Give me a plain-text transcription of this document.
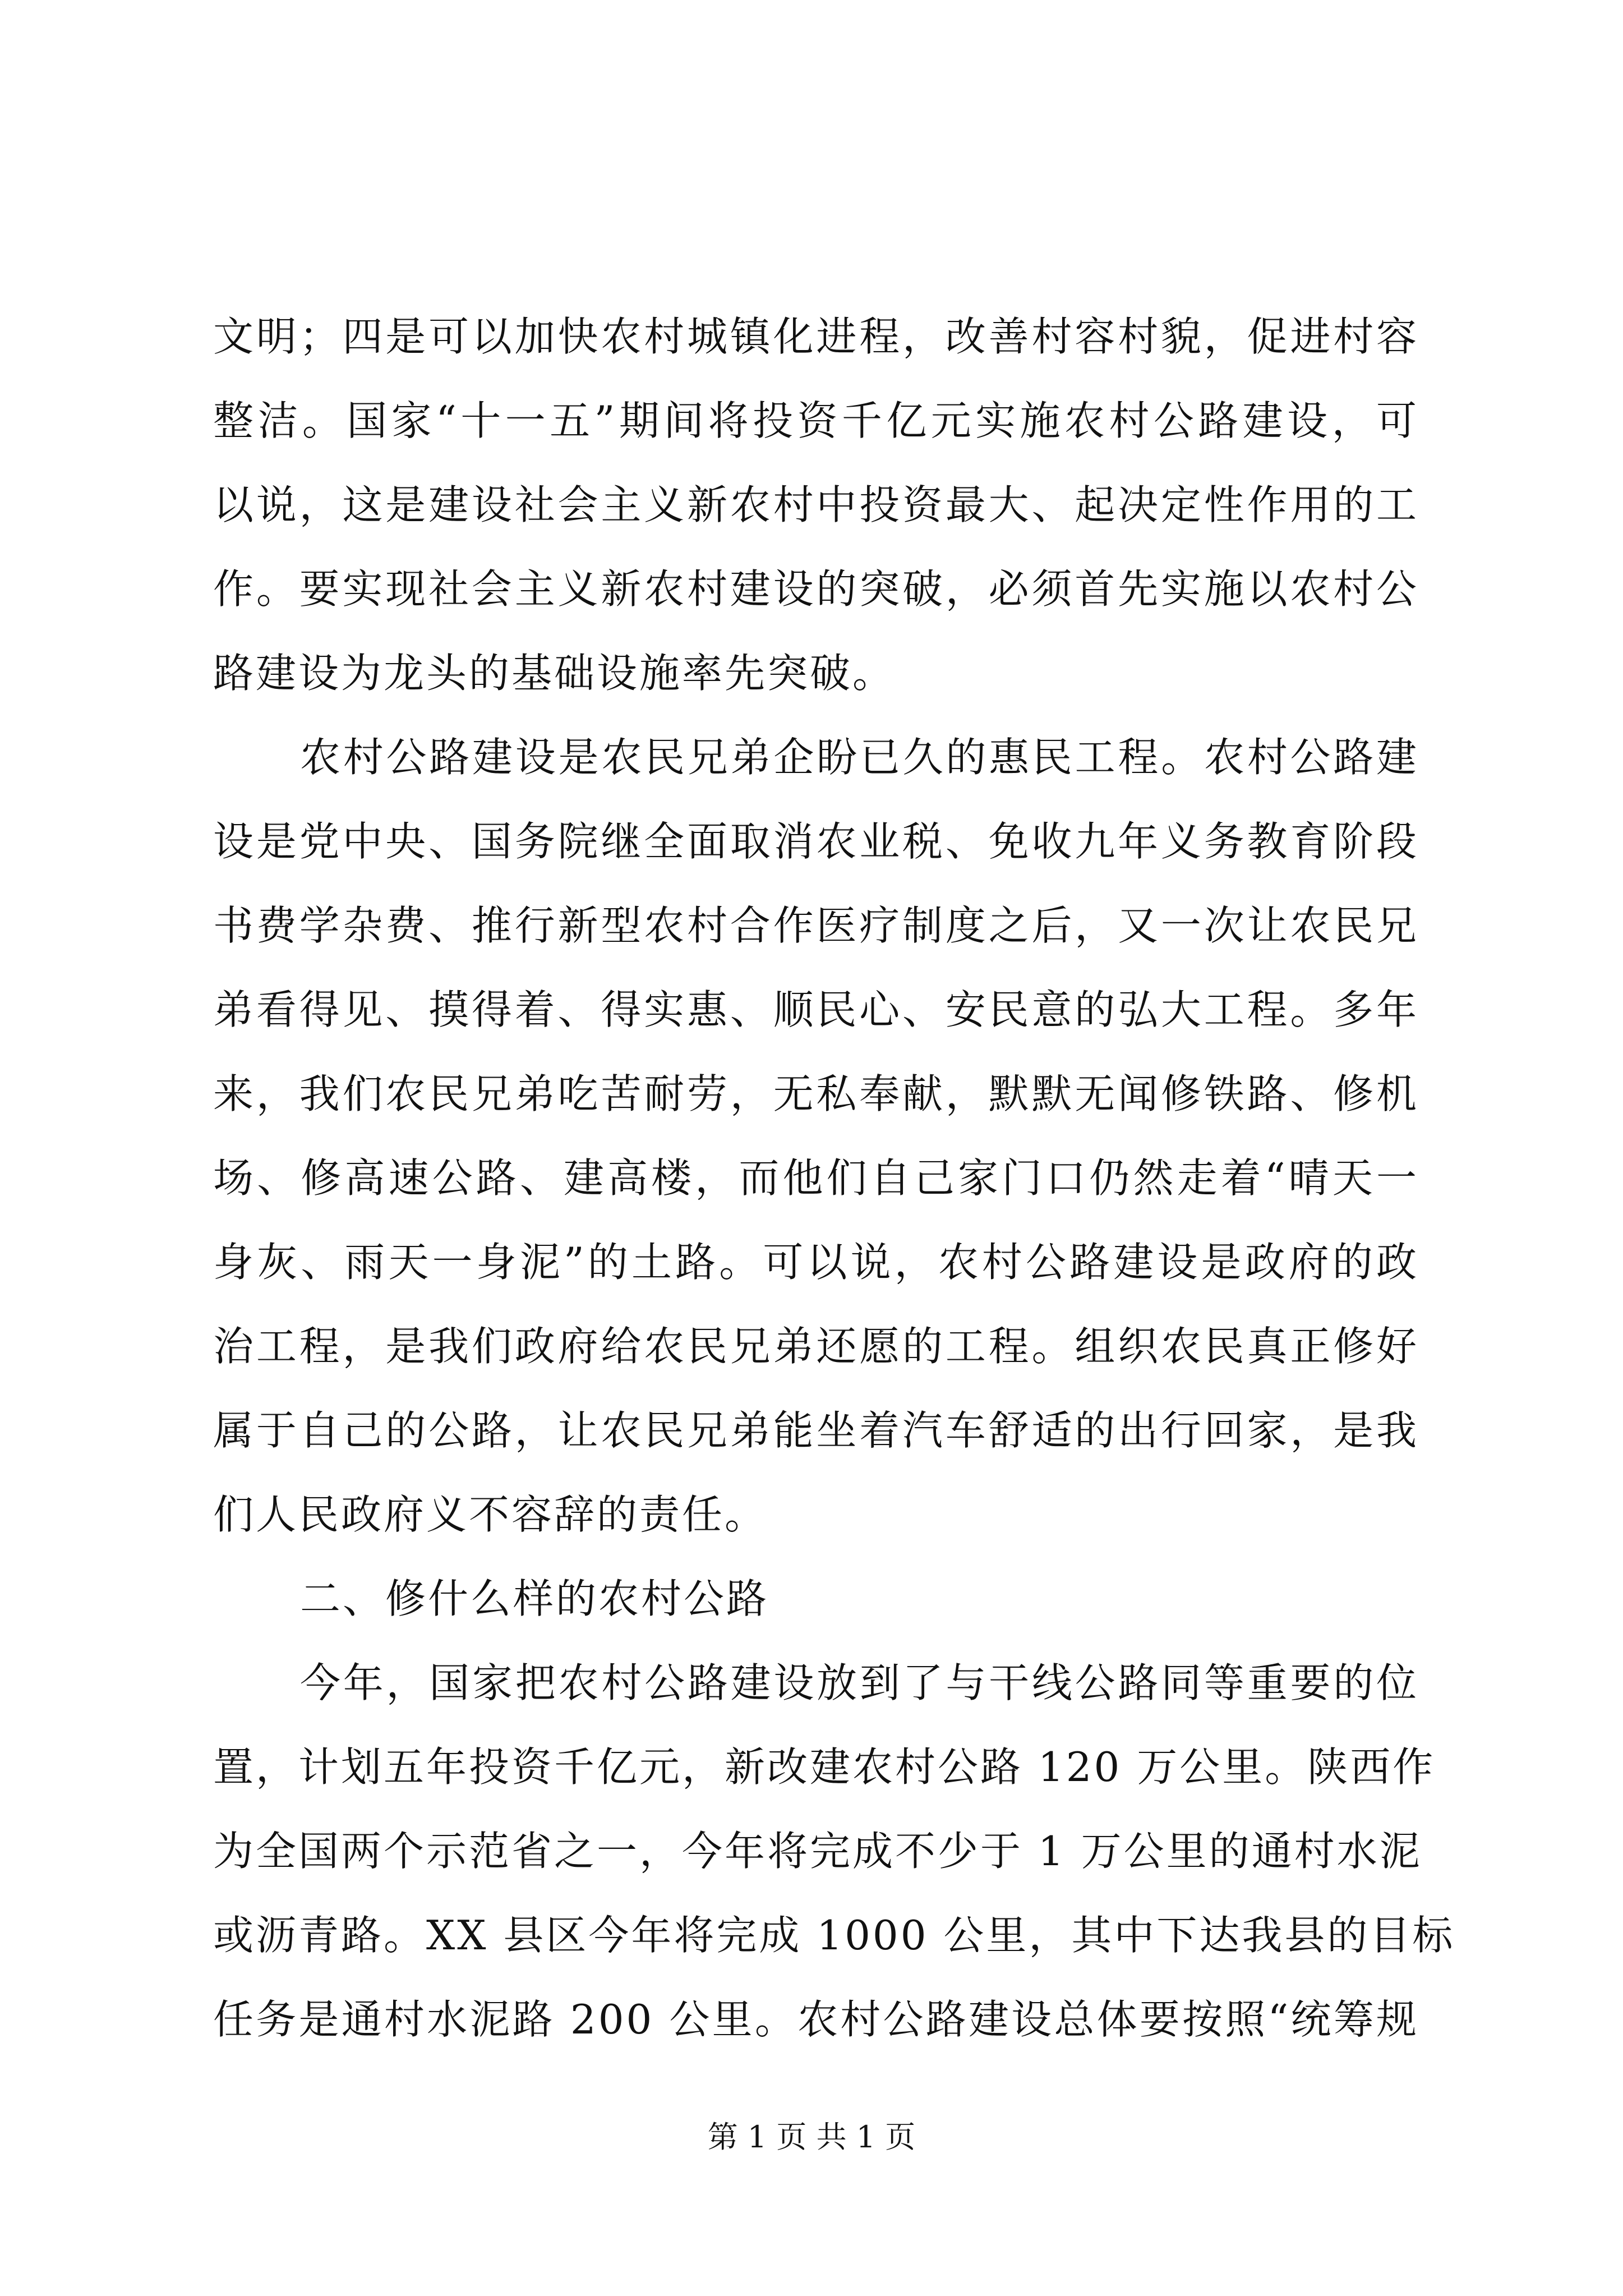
文明；四是可以加快农村城镇化进程，改善村容村貌，促进村容
整洁。国家“十一五”期间将投资千亿元实施农村公路建设，可
以说，这是建设社会主义新农村中投资最大、起决定性作用的工
作。要实现社会主义新农村建设的突破，必须首先实施以农村公
路建设为龙头的基础设施率先突破。
农村公路建设是农民兄弟企盼已久的惠民工程。农村公路建
设是党中央、国务院继全面取消农业税、免收九年义务教育阶段
书费学杂费、推行新型农村合作医疗制度之后，又一次让农民兄
弟看得见、摸得着、得实惠、顺民心、安民意的弘大工程。多年
来，我们农民兄弟吃苦耐劳，无私奉献，默默无闻修铁路、修机
场、修高速公路、建高楼，而他们自己家门口仍然走着“晴天一
身灰、雨天一身泥”的土路。可以说，农村公路建设是政府的政
治工程，是我们政府给农民兄弟还愿的工程。组织农民真正修好
属于自己的公路，让农民兄弟能坐着汽车舒适的出行回家，是我
们人民政府义不容辞的责任。
二、修什么样的农村公路
今年，国家把农村公路建设放到了与干线公路同等重要的位
置，计划五年投资千亿元，新改建农村公路 120 万公里。陕西作
为全国两个示范省之一，今年将完成不少于 1 万公里的通村水泥
或沥青路。XX 县区今年将完成 1000 公里，其中下达我县的目标
任务是通村水泥路 200 公里。农村公路建设总体要按照“统筹规
第 1 页 共 1 页
